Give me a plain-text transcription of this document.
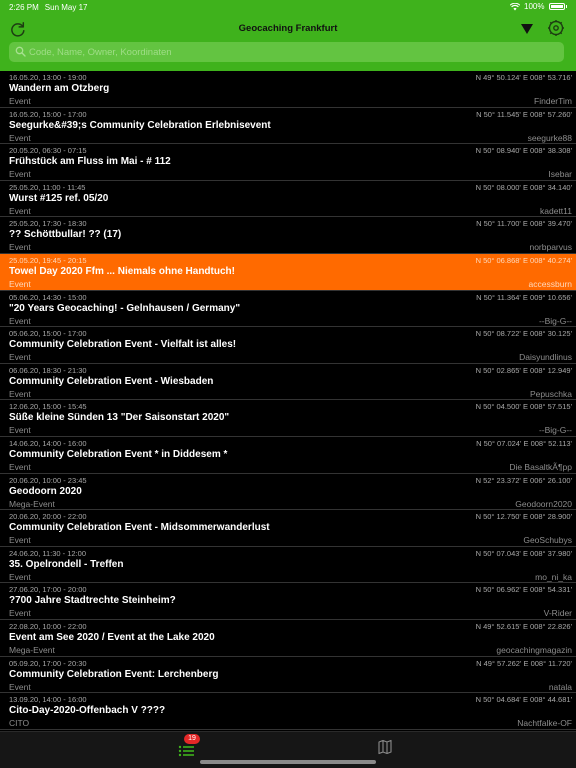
2:26 PM Sun May 17	100%
Geocaching Frankfurt
Code, Name, Owner, Koordinaten
16.05.20, 13:00 - 19:00	N 49° 50.124' E 008° 53.716'
Wandern am Otzberg
Event	FinderTim
16.05.20, 15:00 - 17:00	N 50° 11.545' E 008° 57.260'
Seegurke&#39;s Community Celebration Erlebnisevent
Event	seegurke88
20.05.20, 06:30 - 07:15	N 50° 08.940' E 008° 38.308'
Frühstück am Fluss im Mai - # 112
Event	Isebar
25.05.20, 11:00 - 11:45	N 50° 08.000' E 008° 34.140'
Wurst #125 ref. 05/20
Event	kadett11
25.05.20, 17:30 - 18:30	N 50° 11.700' E 008° 39.470'
?? Schöttbullar! ?? (17)
Event	norbparvus
25.05.20, 19:45 - 20:15	N 50° 06.868' E 008° 40.274'
Towel Day 2020 Ffm ... Niemals ohne Handtuch!
Event	accessburn
05.06.20, 14:30 - 15:00	N 50° 11.364' E 009° 10.656'
"20 Years Geocaching! - Gelnhausen / Germany"
Event	--Big-G--
05.06.20, 15:00 - 17:00	N 50° 08.722' E 008° 30.125'
Community Celebration Event - Vielfalt ist alles!
Event	Daisyundlinus
06.06.20, 18:30 - 21:30	N 50° 02.865' E 008° 12.949'
Community Celebration Event - Wiesbaden
Event	Pepuschka
12.06.20, 15:00 - 15:45	N 50° 04.500' E 008° 57.515'
Süße kleine Sünden 13 "Der Saisonstart 2020"
Event	--Big-G--
14.06.20, 14:00 - 16:00	N 50° 07.024' E 008° 52.113'
Community Celebration Event * in Diddesem *
Event	Die BasaltkÃ¶pp
20.06.20, 10:00 - 23:45	N 52° 23.372' E 006° 26.100'
Geodoorn 2020
Mega-Event	Geodoorn2020
20.06.20, 20:00 - 22:00	N 50° 12.750' E 008° 28.900'
Community Celebration Event - Midsommerwanderlust
Event	GeoSchubys
24.06.20, 11:30 - 12:00	N 50° 07.043' E 008° 37.980'
35. Opelrondell - Treffen
Event	mo_ni_ka
27.06.20, 17:00 - 20:00	N 50° 06.962' E 008° 54.331'
?700 Jahre Stadtrechte Steinheim?
Event	V-Rider
22.08.20, 10:00 - 22:00	N 49° 52.615' E 008° 22.826'
Event am See 2020 / Event at the Lake 2020
Mega-Event	geocachingmagazin
05.09.20, 17:00 - 20:30	N 49° 57.262' E 008° 11.720'
Community Celebration Event: Lerchenberg
Event	natala
13.09.20, 14:00 - 16:00	N 50° 04.684' E 008° 44.681'
Cito-Day-2020-Offenbach V ????
CITO	Nachtfalke-OF
19
